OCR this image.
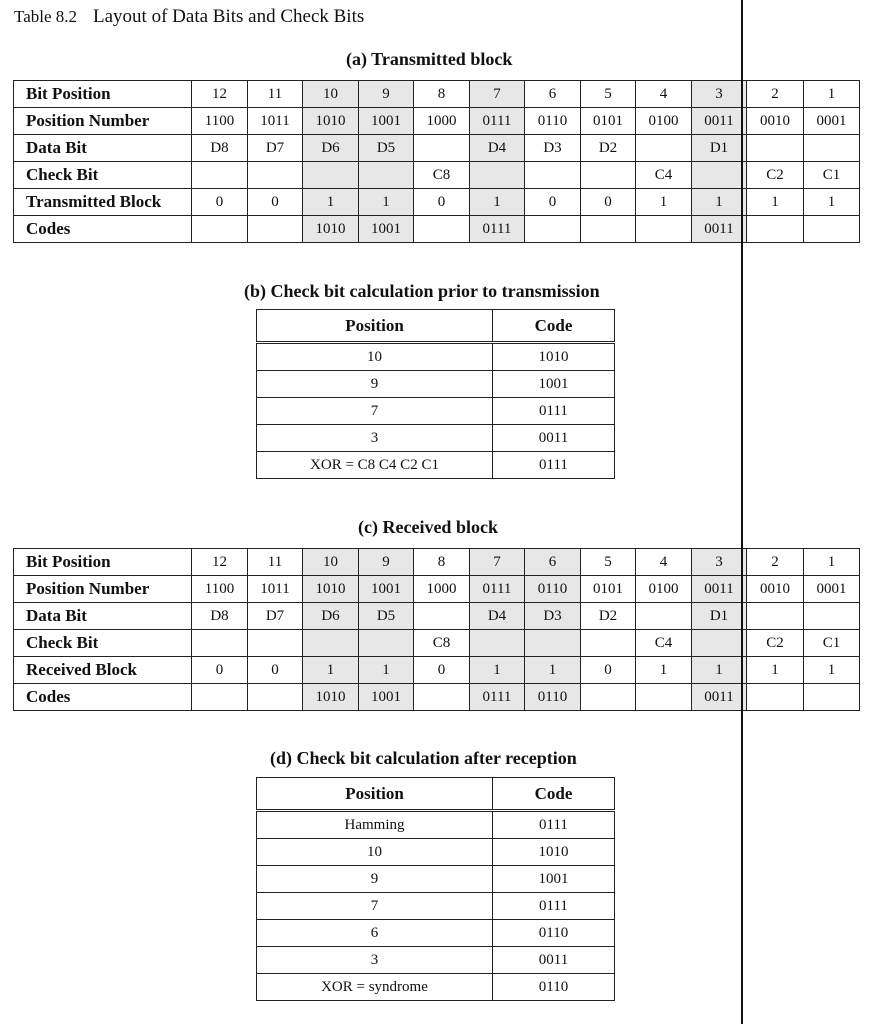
Table 8.2 Layout of Data Bits and Check Bits
(a) Transmitted block
Bit Position	12	11	10	9	8	7	6	5	4	3	2	1
Position Number	1100	1011	1010	1001	1000	0111	0110	0101	0100	0011	0010	0001
Data Bit	D8	D7	D6	D5		D4	D3	D2		D1		
Check Bit					C8				C4		C2	C1
Transmitted Block	0	0	1	1	0	1	0	0	1	1	1	1
Codes			1010	1001		0111				0011		
(b) Check bit calculation prior to transmission
Position	Code
10	1010
9	1001
7	0111
3	0011
XOR = C8 C4 C2 C1	0111
(c) Received block
Bit Position	12	11	10	9	8	7	6	5	4	3	2	1
Position Number	1100	1011	1010	1001	1000	0111	0110	0101	0100	0011	0010	0001
Data Bit	D8	D7	D6	D5		D4	D3	D2		D1		
Check Bit					C8				C4		C2	C1
Received Block	0	0	1	1	0	1	1	0	1	1	1	1
Codes			1010	1001		0111	0110			0011		
(d) Check bit calculation after reception
Position	Code
Hamming	0111
10	1010
9	1001
7	0111
6	0110
3	0011
XOR = syndrome	0110
